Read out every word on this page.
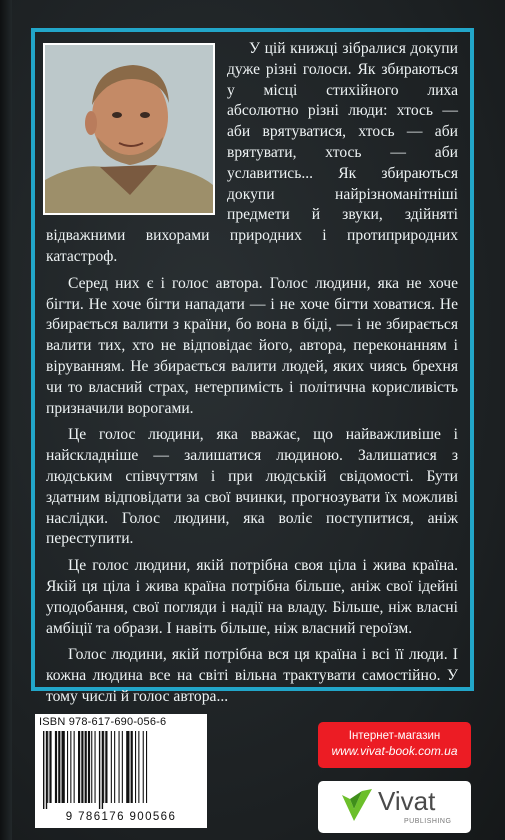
У цій книжці зібралися докупи дуже різні голоси. Як збираються у місці стихійного лиха абсолютно різні люди: хтось — аби врятуватися, хтось — аби врятувати, хтось — аби уславитись... Як збираються докупи найрізноманітніші предмети й звуки, здійняті відважними вихорами природних і протиприродних катастроф.

Серед них є і голос автора. Голос людини, яка не хоче бігти. Не хоче бігти нападати — і не хоче бігти ховатися. Не збирається валити з країни, бо вона в біді, — і не збирається валити тих, хто не відповідає його, автора, переконанням і віруванням. Не збирається валити людей, яких чиясь брехня чи то власний страх, нетерпимість і політична корисливість призначили ворогами.

Це голос людини, яка вважає, що найважливіше і найскладніше — залишатися людиною. Залишатися з людським співчуттям і при людській свідомості. Бути здатним відповідати за свої вчинки, прогнозувати їх можливі наслідки. Голос людини, яка воліє поступитися, аніж переступити.

Це голос людини, якій потрібна своя ціла і жива країна. Якій ця ціла і жива країна потрібна більше, аніж свої ідейні уподобання, свої погляди і надії на владу. Більше, ніж власні амбіції та образи. І навіть більше, ніж власний героїзм.

Голос людини, якій потрібна вся ця країна і всі її люди. І кожна людина все на світі вільна трактувати самостійно. У тому числі й голос автора...

ISBN 978-617-690-056-6
9 786176 900566
Інтернет-магазин
www.vivat-book.com.ua
Vivat
PUBLISHING
